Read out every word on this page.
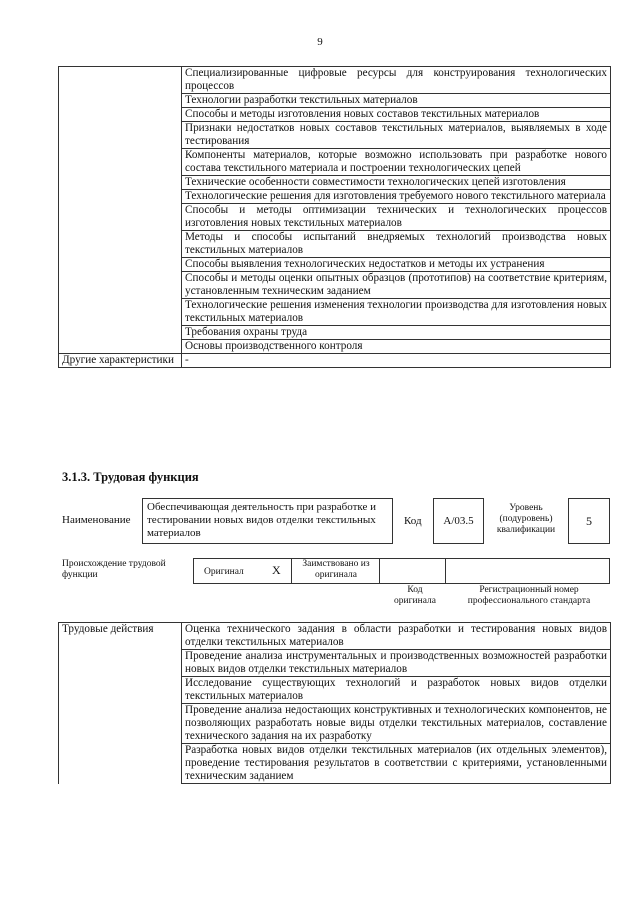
9
	Специализированные цифровые ресурсы для конструирования технологических процессов
	Технологии разработки текстильных материалов
	Способы и методы изготовления новых составов текстильных материалов
	Признаки недостатков новых составов текстильных материалов, выявляемых в ходе тестирования
	Компоненты материалов, которые возможно использовать при разработке нового состава текстильного материала и построении технологических цепей
	Технические особенности совместимости технологических цепей изготовления
	Технологические решения для изготовления требуемого нового текстильного материала
	Способы и методы оптимизации технических и технологических процессов изготовления новых текстильных материалов
	Методы и способы испытаний внедряемых технологий производства новых текстильных материалов
	Способы выявления технологических недостатков и методы их устранения
	Способы и методы оценки опытных образцов (прототипов) на соответствие критериям, установленным техническим заданием
	Технологические решения изменения технологии производства для изготовления новых текстильных материалов
	Требования охраны труда
	Основы производственного контроля
Другие характеристики	-
3.1.3. Трудовая функция
Наименование
Обеспечивающая деятельность при разработке и тестировании новых видов отделки текстильных материалов
Код	А/03.5
Уровень (подуровень) квалификации
5
Происхождение трудовой функции	Оригинал X	Заимствовано из оригинала
Код оригинала
Регистрационный номер профессионального стандарта
Трудовые действия	Оценка технического задания в области разработки и тестирования новых видов отделки текстильных материалов
	Проведение анализа инструментальных и производственных возможностей разработки новых видов отделки текстильных материалов
	Исследование существующих технологий и разработок новых видов отделки текстильных материалов
	Проведение анализа недостающих конструктивных и технологических компонентов, не позволяющих разработать новые виды отделки текстильных материалов, составление технического задания на их разработку
	Разработка новых видов отделки текстильных материалов (их отдельных элементов), проведение тестирования результатов в соответствии с критериями, установленными техническим заданием
